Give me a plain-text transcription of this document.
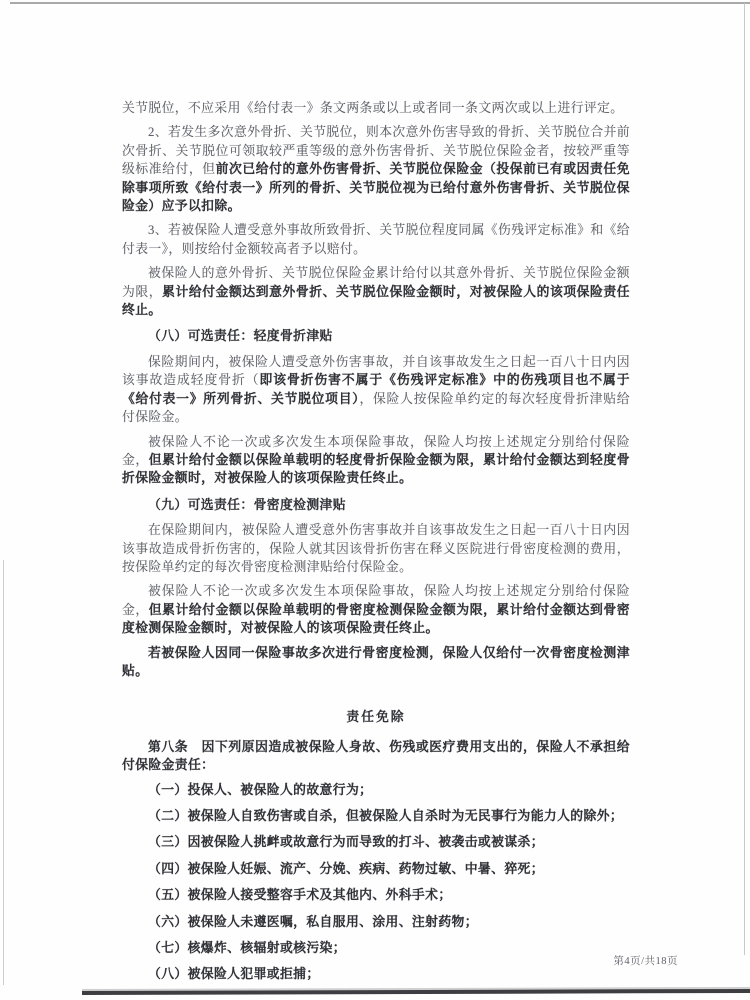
关节脱位，不应采用《给付表一》条文两条或以上或者同一条文两次或以上进行评定。

2、若发生多次意外骨折、关节脱位，则本次意外伤害导致的骨折、关节脱位合并前次骨折、关节脱位可领取较严重等级的意外伤害骨折、关节脱位保险金者，按较严重等级标准给付，但前次已给付的意外伤害骨折、关节脱位保险金（投保前已有或因责任免除事项所致《给付表一》所列的骨折、关节脱位视为已给付意外伤害骨折、关节脱位保险金）应予以扣除。

3、若被保险人遭受意外事故所致骨折、关节脱位程度同属《伤残评定标准》和《给付表一》，则按给付金额较高者予以赔付。

被保险人的意外骨折、关节脱位保险金累计给付以其意外骨折、关节脱位保险金额为限，累计给付金额达到意外骨折、关节脱位保险金额时，对被保险人的该项保险责任终止。

（八）可选责任：轻度骨折津贴

保险期间内，被保险人遭受意外伤害事故，并自该事故发生之日起一百八十日内因该事故造成轻度骨折（即该骨折伤害不属于《伤残评定标准》中的伤残项目也不属于《给付表一》所列骨折、关节脱位项目），保险人按保险单约定的每次轻度骨折津贴给付保险金。

被保险人不论一次或多次发生本项保险事故，保险人均按上述规定分别给付保险金，但累计给付金额以保险单载明的轻度骨折保险金额为限，累计给付金额达到轻度骨折保险金额时，对被保险人的该项保险责任终止。

（九）可选责任：骨密度检测津贴

在保险期间内，被保险人遭受意外伤害事故并自该事故发生之日起一百八十日内因该事故造成骨折伤害的，保险人就其因该骨折伤害在释义医院进行骨密度检测的费用，按保险单约定的每次骨密度检测津贴给付保险金。

被保险人不论一次或多次发生本项保险事故，保险人均按上述规定分别给付保险金，但累计给付金额以保险单载明的骨密度检测保险金额为限，累计给付金额达到骨密度检测保险金额时，对被保险人的该项保险责任终止。

若被保险人因同一保险事故多次进行骨密度检测，保险人仅给付一次骨密度检测津贴。

责任免除

第八条　因下列原因造成被保险人身故、伤残或医疗费用支出的，保险人不承担给付保险金责任：

（一）投保人、被保险人的故意行为；

（二）被保险人自致伤害或自杀，但被保险人自杀时为无民事行为能力人的除外；

（三）因被保险人挑衅或故意行为而导致的打斗、被袭击或被谋杀；

（四）被保险人妊娠、流产、分娩、疾病、药物过敏、中暑、猝死；

（五）被保险人接受整容手术及其他内、外科手术；

（六）被保险人未遵医嘱，私自服用、涂用、注射药物；

（七）核爆炸、核辐射或核污染；

（八）被保险人犯罪或拒捕；

第4页/共18页
